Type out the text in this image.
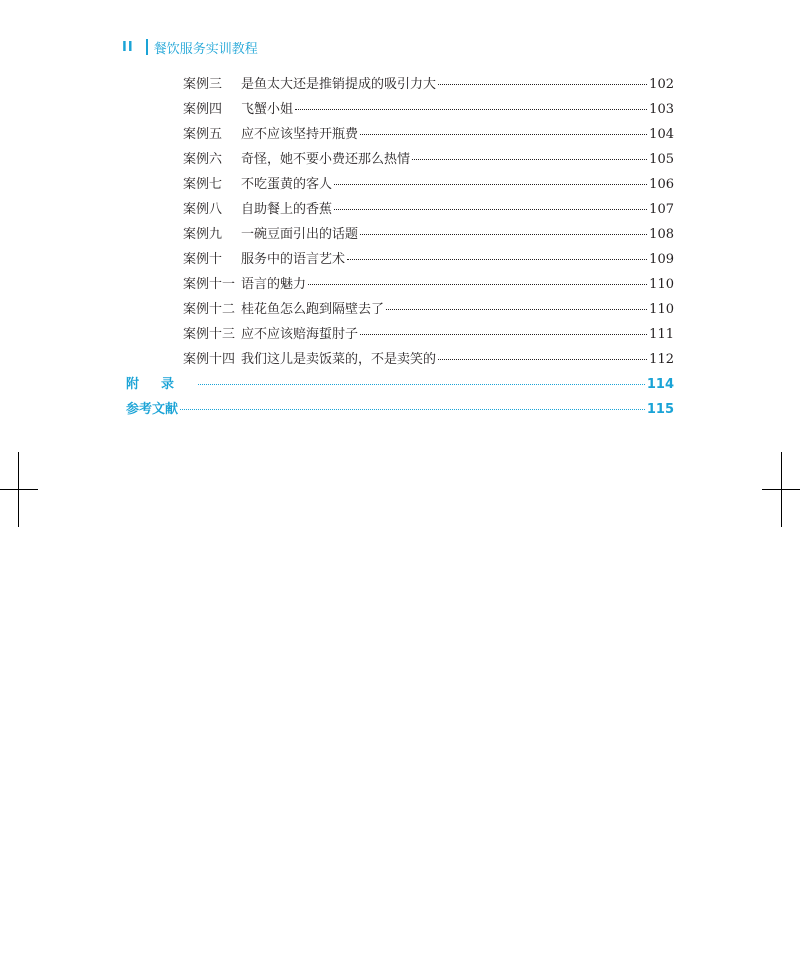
II 餐饮服务实训教程
案例三	是鱼太大还是推销提成的吸引力大	102
案例四	飞蟹小姐	103
案例五	应不应该坚持开瓶费	104
案例六	奇怪，她不要小费还那么热情	105
案例七	不吃蛋黄的客人	106
案例八	自助餐上的香蕉	107
案例九	一碗豆面引出的话题	108
案例十	服务中的语言艺术	109
案例十一 语言的魅力	110
案例十二 桂花鱼怎么跑到隔壁去了	110
案例十三 应不应该赔海蜇肘子	111
案例十四 我们这儿是卖饭菜的，不是卖笑的	112
附录	114
参考文献	115
